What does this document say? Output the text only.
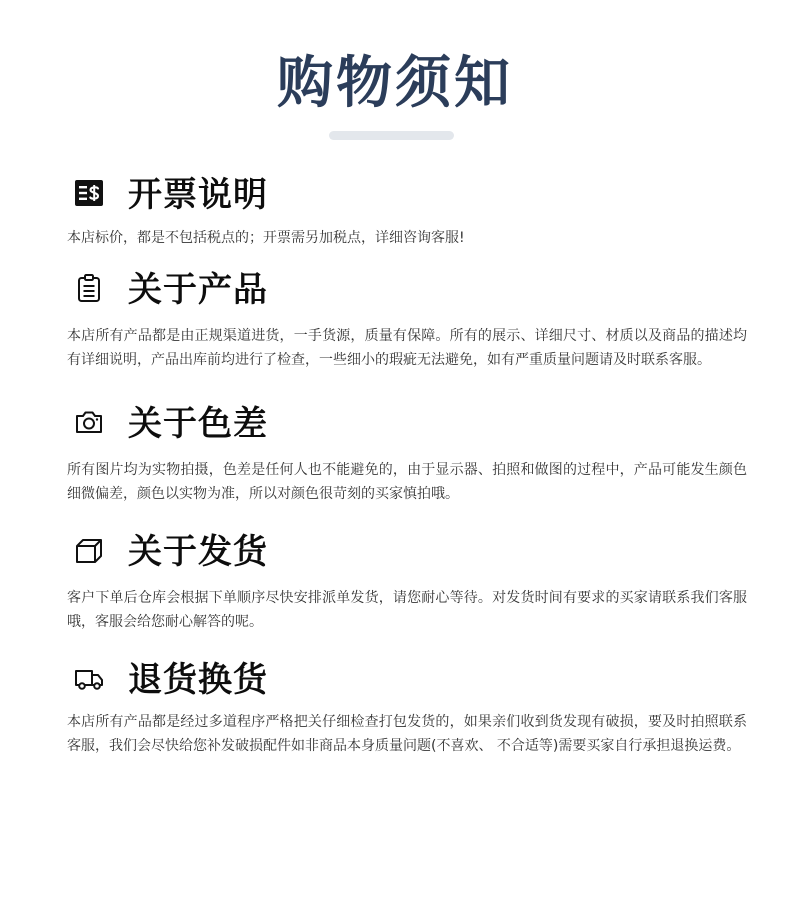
购物须知
开票说明

本店标价，都是不包括税点的；开票需另加税点，详细咨询客服!

关于产品

本店所有产品都是由正规渠道进货，一手货源，质量有保障。所有的展示、详细尺寸、材质以及商品的描述均有详细说明，产品出库前均进行了检查，一些细小的瑕疵无法避免，如有严重质量问题请及时联系客服。

关于色差

所有图片均为实物拍摄，色差是任何人也不能避免的，由于显示器、拍照和做图的过程中，产品可能发生颜色细微偏差，颜色以实物为准，所以对颜色很苛刻的买家慎拍哦。

关于发货

客户下单后仓库会根据下单顺序尽快安排派单发货，请您耐心等待。对发货时间有要求的买家请联系我们客服哦，客服会给您耐心解答的呢。

退货换货

本店所有产品都是经过多道程序严格把关仔细检查打包发货的，如果亲们收到货发现有破损，要及时拍照联系客服，我们会尽快给您补发破损配件如非商品本身质量问题(不喜欢、 不合适等)需要买家自行承担退换运费。
